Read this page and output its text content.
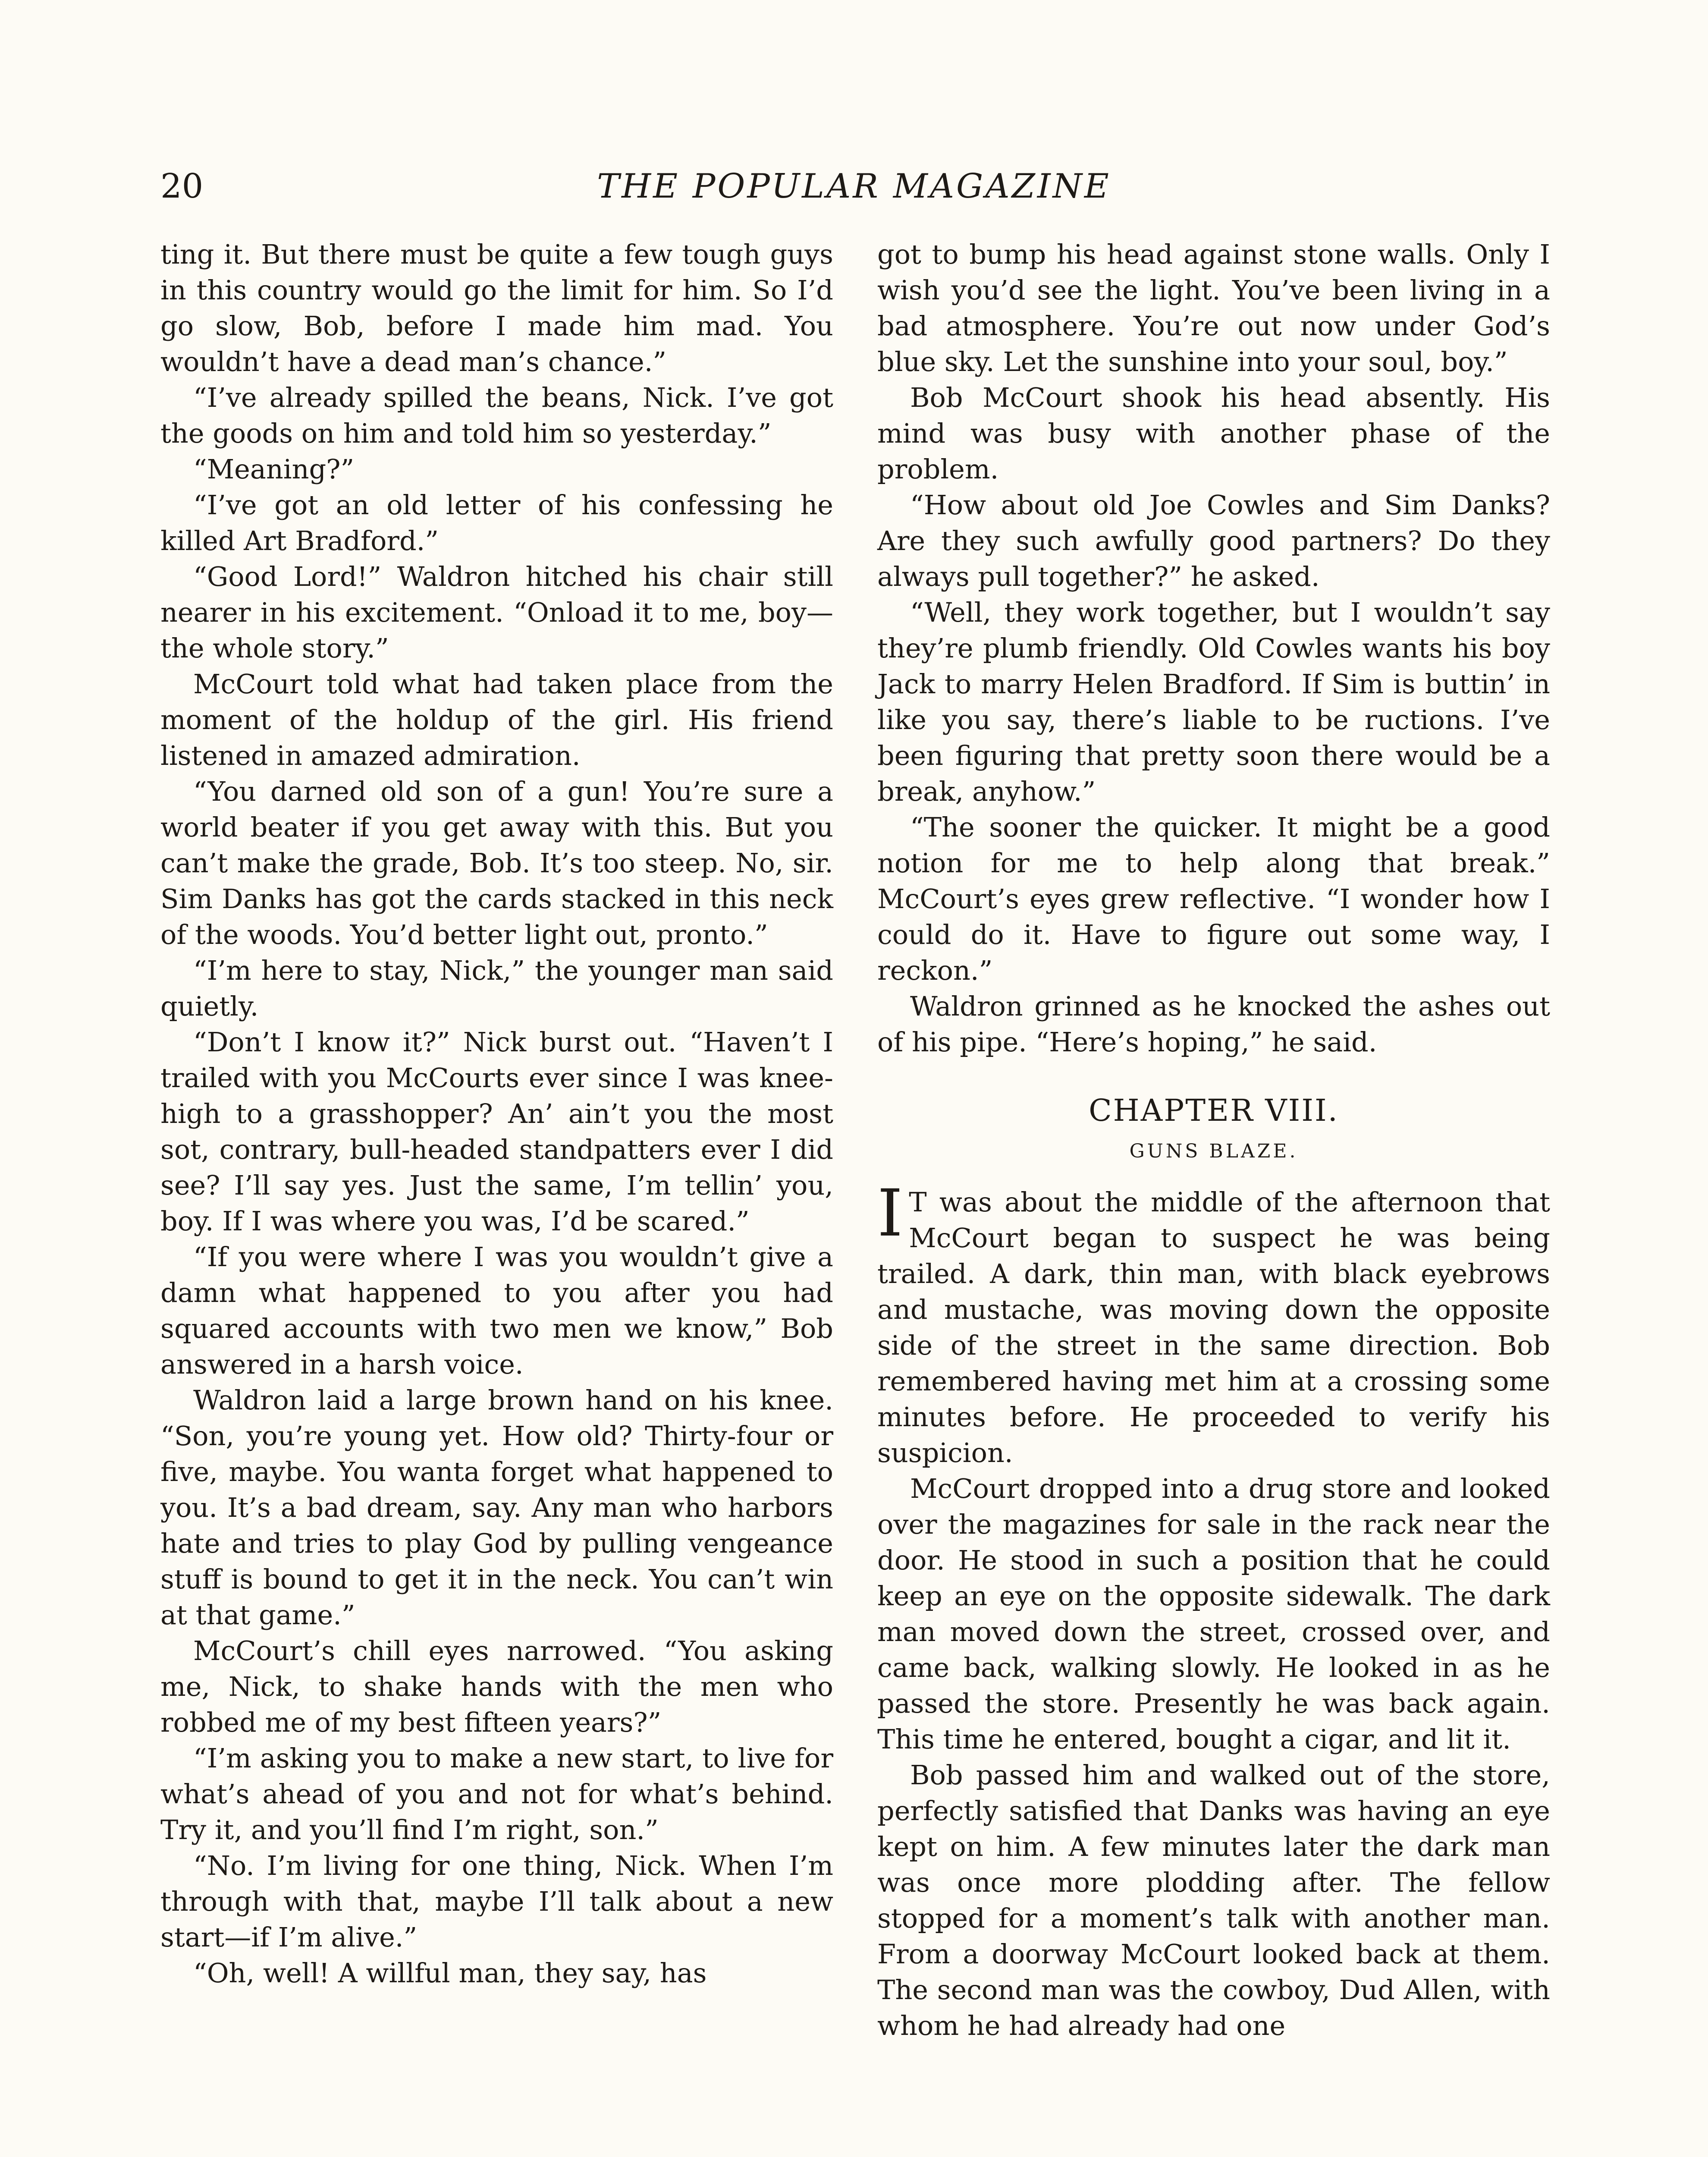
20	THE POPULAR MAGAZINE

ting it. But there must be quite a few tough guys in this country would go the limit for him. So I’d go slow, Bob, before I made him mad. You wouldn’t have a dead man’s chance.”

“I’ve already spilled the beans, Nick. I’ve got the goods on him and told him so yesterday.”

“Meaning?”

“I’ve got an old letter of his confessing he killed Art Bradford.”

“Good Lord!” Waldron hitched his chair still nearer in his excitement. “Onload it to me, boy—the whole story.”

McCourt told what had taken place from the moment of the holdup of the girl. His friend listened in amazed admiration.

“You darned old son of a gun! You’re sure a world beater if you get away with this. But you can’t make the grade, Bob. It’s too steep. No, sir. Sim Danks has got the cards stacked in this neck of the woods. You’d better light out, pronto.”

“I’m here to stay, Nick,” the younger man said quietly.

“Don’t I know it?” Nick burst out. “Haven’t I trailed with you McCourts ever since I was knee-high to a grasshopper? An’ ain’t you the most sot, contrary, bull-headed standpatters ever I did see? I’ll say yes. Just the same, I’m tellin’ you, boy. If I was where you was, I’d be scared.”

“If you were where I was you wouldn’t give a damn what happened to you after you had squared accounts with two men we know,” Bob answered in a harsh voice.

Waldron laid a large brown hand on his knee. “Son, you’re young yet. How old? Thirty-four or five, maybe. You wanta forget what happened to you. It’s a bad dream, say. Any man who harbors hate and tries to play God by pulling vengeance stuff is bound to get it in the neck. You can’t win at that game.”

McCourt’s chill eyes narrowed. “You asking me, Nick, to shake hands with the men who robbed me of my best fifteen years?”

“I’m asking you to make a new start, to live for what’s ahead of you and not for what’s behind. Try it, and you’ll find I’m right, son.”

“No. I’m living for one thing, Nick. When I’m through with that, maybe I’ll talk about a new start—if I’m alive.”

“Oh, well! A willful man, they say, has

got to bump his head against stone walls. Only I wish you’d see the light. You’ve been living in a bad atmosphere. You’re out now under God’s blue sky. Let the sunshine into your soul, boy.”

Bob McCourt shook his head absently. His mind was busy with another phase of the problem.

“How about old Joe Cowles and Sim Danks? Are they such awfully good partners? Do they always pull together?” he asked.

“Well, they work together, but I wouldn’t say they’re plumb friendly. Old Cowles wants his boy Jack to marry Helen Bradford. If Sim is buttin’ in like you say, there’s liable to be ructions. I’ve been figuring that pretty soon there would be a break, anyhow.”

“The sooner the quicker. It might be a good notion for me to help along that break.” McCourt’s eyes grew reflective. “I wonder how I could do it. Have to figure out some way, I reckon.”

Waldron grinned as he knocked the ashes out of his pipe. “Here’s hoping,” he said.

CHAPTER VIII.
GUNS BLAZE.

I T was about the middle of the afternoon that McCourt began to suspect he was being trailed. A dark, thin man, with black eyebrows and mustache, was moving down the opposite side of the street in the same direction. Bob remembered having met him at a crossing some minutes before. He proceeded to verify his suspicion.

McCourt dropped into a drug store and looked over the magazines for sale in the rack near the door. He stood in such a position that he could keep an eye on the opposite sidewalk. The dark man moved down the street, crossed over, and came back, walking slowly. He looked in as he passed the store. Presently he was back again. This time he entered, bought a cigar, and lit it.

Bob passed him and walked out of the store, perfectly satisfied that Danks was having an eye kept on him. A few minutes later the dark man was once more plodding after. The fellow stopped for a moment’s talk with another man. From a doorway McCourt looked back at them. The second man was the cowboy, Dud Allen, with whom he had already had one
